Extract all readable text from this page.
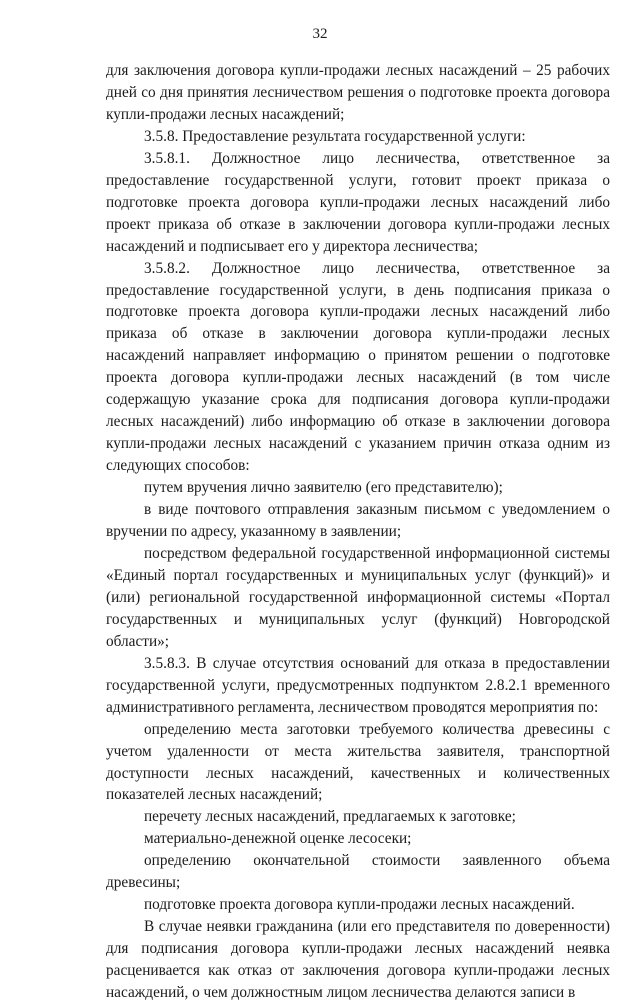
32

для заключения договора купли-продажи лесных насаждений – 25 рабочих дней со дня принятия лесничеством решения о подготовке проекта договора купли-продажи лесных насаждений;

3.5.8. Предоставление результата государственной услуги:

3.5.8.1. Должностное лицо лесничества, ответственное за предоставление государственной услуги, готовит проект приказа о подготовке проекта договора купли-продажи лесных насаждений либо проект приказа об отказе в заключении договора купли-продажи лесных насаждений и подписывает его у директора лесничества;

3.5.8.2. Должностное лицо лесничества, ответственное за предоставление государственной услуги, в день подписания приказа о подготовке проекта договора купли-продажи лесных насаждений либо приказа об отказе в заключении договора купли-продажи лесных насаждений направляет информацию о принятом решении о подготовке проекта договора купли-продажи лесных насаждений (в том числе содержащую указание срока для подписания договора купли-продажи лесных насаждений) либо информацию об отказе в заключении договора купли-продажи лесных насаждений с указанием причин отказа одним из следующих способов:

путем вручения лично заявителю (его представителю);

в виде почтового отправления заказным письмом с уведомлением о вручении по адресу, указанному в заявлении;

посредством федеральной государственной информационной системы «Единый портал государственных и муниципальных услуг (функций)» и (или) региональной государственной информационной системы «Портал государственных и муниципальных услуг (функций) Новгородской области»;

3.5.8.3. В случае отсутствия оснований для отказа в предоставлении государственной услуги, предусмотренных подпунктом 2.8.2.1 временного административного регламента, лесничеством проводятся мероприятия по:

определению места заготовки требуемого количества древесины с учетом удаленности от места жительства заявителя, транспортной доступности лесных насаждений, качественных и количественных показателей лесных насаждений;

перечету лесных насаждений, предлагаемых к заготовке;

материально-денежной оценке лесосеки;

определению окончательной стоимости заявленного объема древесины;

подготовке проекта договора купли-продажи лесных насаждений.

В случае неявки гражданина (или его представителя по доверенности) для подписания договора купли-продажи лесных насаждений неявка расценивается как отказ от заключения договора купли-продажи лесных насаждений, о чем должностным лицом лесничества делаются записи в
